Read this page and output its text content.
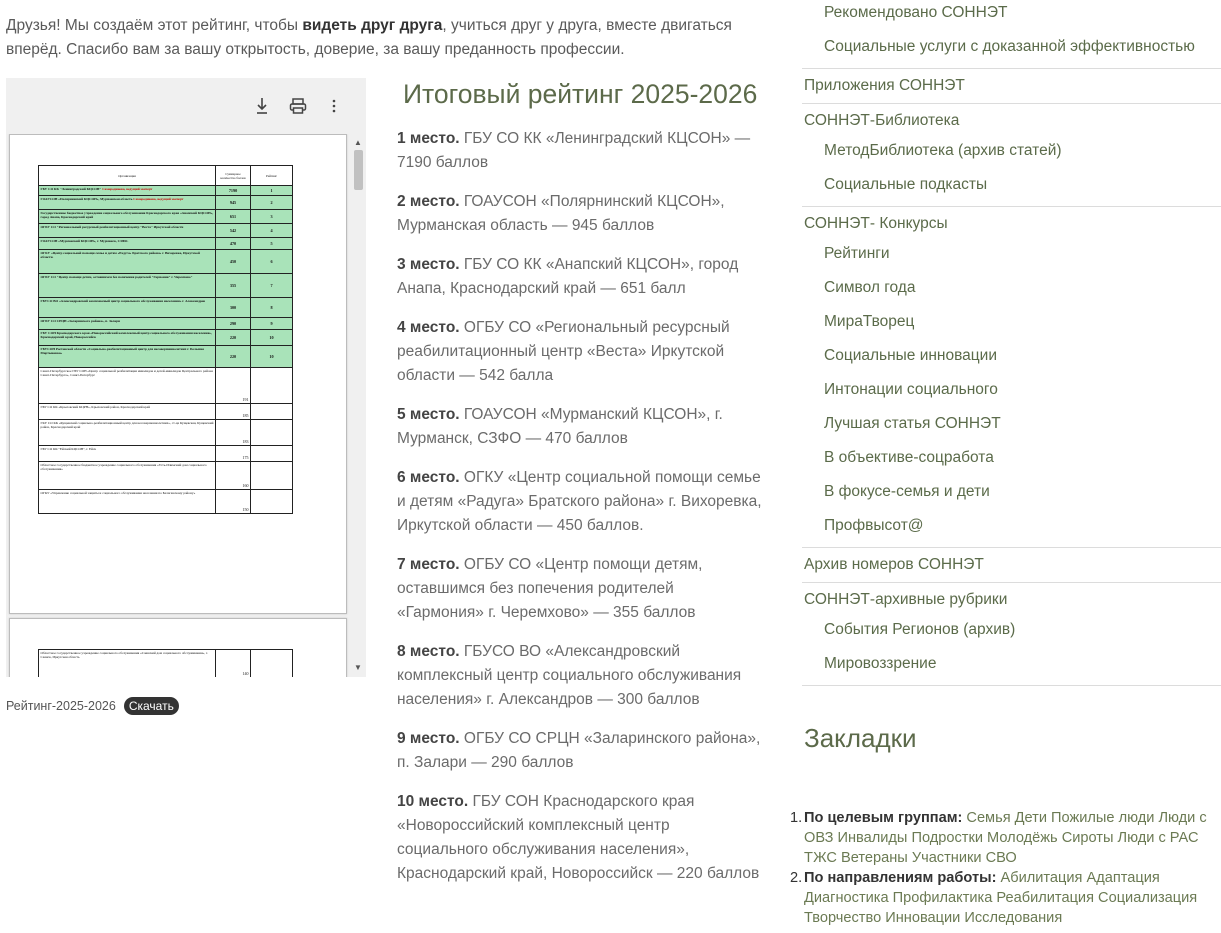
Друзья! Мы создаём этот рейтинг, чтобы видеть друг друга, учиться друг у друга, вместе двигаться
вперёд. Спасибо вам за вашу открытость, доверие, за вашу преданность профессии.
Организация	Суммарное количество баллов	Рейтинг
ГБУ СО КК "Ленинградский КЦСОН" Самородинова, ведущий эксперт	7190	1
ГОАУСОН «Полярнинский КЦСОН», Мурманская область Самородинова, ведущий эксперт	945	2
Государственное бюджетное учреждение социального обслуживания Краснодарского края «Анапский КЦСОН», город Анапа, Краснодарский край	651	3
ОГБУ СО "Региональный ресурсный реабилитационный центр "Веста" Иркутской области	542	4
ГОАУСОН «Мурманский КЦСОН», г. Мурманск, СЗФО.	470	5
ОГКУ «Центр социальной помощи семье и детям «Радуга» Братского района» г. Вихоревка, Иркутской области.	450	6
ОГБУ СО "Центр помощи детям, оставшимся без попечения родителей "Гармония" г. Черемхово"	355	7
ГБУСО ВО «Александровский комплексный центр социального обслуживания населения» г. Александров	300	8
ОГБУ СО СРЦН «Заларинского района», п. Залари	290	9
ГБУ СОН Краснодарского края «Новороссийский комплексный центр социального обслуживания населения», Краснодарский край, Новороссийск	220	10
ГБУСОН Ростовской области «Социально-реабилитационный центр для несовершеннолетних г. Большие Мартыновка»	220	10
Санкт-Петербургское ГБУ СОН «Центр социальной реабилитации инвалидов и детей-инвалидов Центрального района Санкт-Петербурга», Санкт-Петербург	191	
ГБУ СО КК «Крыловский КЦРН», Крыловский район, Краснодарский край	185	
ГКУ СО КК «Кущевский социально-реабилитационный центр для несовершеннолетних», ст-ца Кущевская, Кущевский район, Краснодарский край	183	
ГБУ СО КК "Ейский КЦСОН", г. Ейск	175	
Областное государственное бюджетное учреждение социального обслуживания «Усть-Илимский дом социального обслуживания»	160	
ОГКУ «Управление социальной защиты и социального обслуживания населения по Балаганскому району»	150	
Областное государственное учреждение социального обслуживания «Саянский дом социального обслуживания», г. Саянск, Иркутская область	140	
▲
▼
Рейтинг-2025-2026	Скачать
Итоговый рейтинг 2025-2026
1 место. ГБУ СО КК «Ленинградский КЦСОН» — 7190 баллов
2 место. ГОАУСОН «Полярнинский КЦСОН», Мурманская область — 945 баллов
3 место. ГБУ СО КК «Анапский КЦСОН», город Анапа, Краснодарский край — 651 балл
4 место. ОГБУ СО «Региональный ресурсный реабилитационный центр «Веста» Иркутской области — 542 балла
5 место. ГОАУСОН «Мурманский КЦСОН», г. Мурманск, СЗФО — 470 баллов
6 место. ОГКУ «Центр социальной помощи семье и детям «Радуга» Братского района» г. Вихоревка, Иркутской области — 450 баллов.
7 место. ОГБУ СО «Центр помощи детям, оставшимся без попечения родителей «Гармония» г. Черемхово» — 355 баллов
8 место. ГБУСО ВО «Александровский комплексный центр социального обслуживания населения» г. Александров — 300 баллов
9 место. ОГБУ СО СРЦН «Заларинского района», п. Залари — 290 баллов
10 место. ГБУ СОН Краснодарского края «Новороссийский комплексный центр социального обслуживания населения», Краснодарский край, Новороссийск — 220 баллов
Рекомендовано СОННЭТ
Социальные услуги с доказанной эффективностью
Приложения СОННЭТ
СОННЭТ-Библиотека
МетодБиблиотека (архив статей)
Социальные подкасты
СОННЭТ- Конкурсы
Рейтинги
Символ года
МираТворец
Социальные инновации
Интонации социального
Лучшая статья СОННЭТ
В объективе-соцработа
В фокусе-семья и дети
Профвысот@
Архив номеров СОННЭТ
СОННЭТ-архивные рубрики
События Регионов (архив)
Мировоззрение
Закладки
1. По целевым группам: Семья Дети Пожилые люди Люди с ОВЗ Инвалиды Подростки Молодёжь Сироты Люди с РАС ТЖС Ветераны Участники СВО
2. По направлениям работы: Абилитация Адаптация Диагностика Профилактика Реабилитация Социализация Творчество Инновации Исследования
